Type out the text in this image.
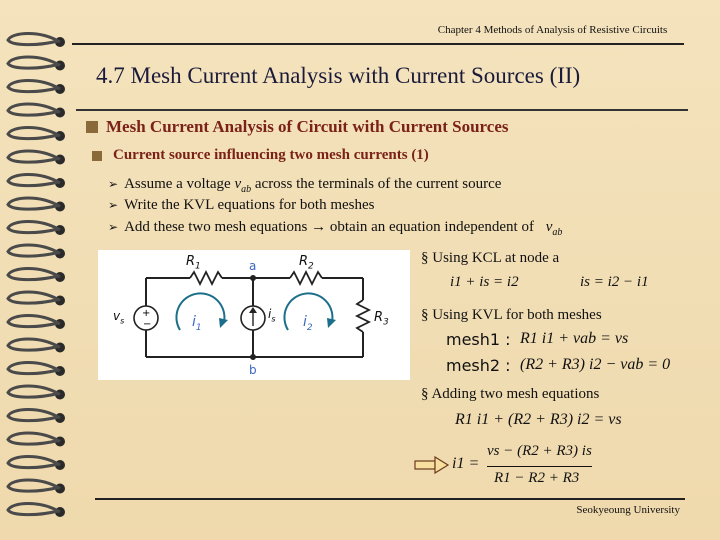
Chapter 4 Methods of Analysis of Resistive Circuits
4.7 Mesh Current Analysis with Current Sources (II)
Mesh Current Analysis of Circuit with Current Sources
Current source influencing two mesh currents (1)
➢ Assume a voltage $v_{ab}$ across the terminals of the current source
➢ Write the KVL equations for both meshes
➢ Add these two mesh equations → obtain an equation independent of $v_{ab}$
+
−
$R_1$	$R_2$
$R_3$
a
b
$v_s$	$i_s$
$i_1$	$i_2$
§ Using KCL at node a
i1 + is = i2	is = i2 − i1
§ Using KVL for both meshes
mesh1 : R1 i1 + vab = vs
mesh2 : (R2 + R3) i2 − vab = 0
§ Adding two mesh equations
R1 i1 + (R2 + R3) i2 = vs
i1 =
vs − (R2 + R3) is
R1 − R2 + R3
Seokyeoung University
